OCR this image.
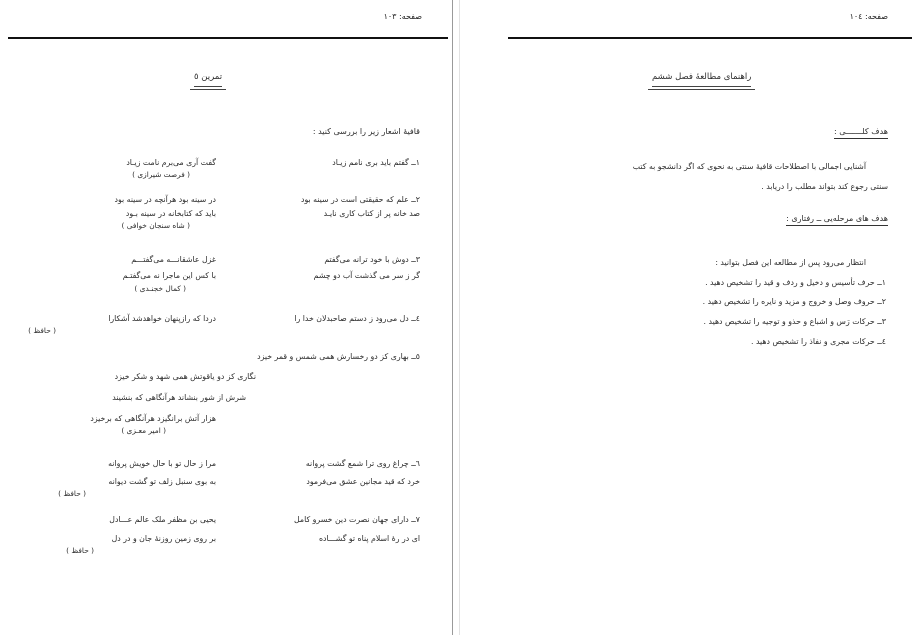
صفحه: ١٠٣
تمرین ٥
قافیهٔ اشعار زیر را بررسی کنید :
١ــ گفتم باید بری نامم زیـاد
گفت آری می‌برم نامت زیـاد
( فرصت شیرازی )
٢ــ علم که حقیقتی است در سینه بود
در سینه بود هرآنچه در سینه بود
صد خانه پر از کتاب کاری نایـد
باید که کتابخانه در سینه بـود
( شاه سنجان خوافی )
٣ــ دوش با خود ترانه می‌گفتم
غزل عاشقانـــه می‌گفتـــم
گر ز سر می گذشت آب دو چشم
با کس این ماجرا نه می‌گفتـم
( کمال خجنـدی )
٤ــ دل می‌رود ز دستم صاحبدلان خدا را
دردا که رازپنهان خواهدشد آشکارا
( حافظ )
٥ــ بهاری کز دو رخسارش همی شمس و قمر خیزد
نگاری کز دو یاقوتش همی شهد و شکر خیزد
شرش از شور بنشاند هرآنگاهی که بنشیند
هزار آتش برانگیزد هرآنگاهی که برخیزد
( امیر معـزی )
٦ــ چراغ روی ترا شمع گشت پروانه
مرا ز حال تو با حال خویش پروانه
خرد که قید مجانین عشق می‌فرمود
به بوی سنبل زلف تو گشت دیوانه
( حافظ )
٧ــ دارای جهان نصرت دین خسرو کامل
یحیی بن مظفر ملک عالم عـــادل
ای در رهٔ اسلام پناه تو گشـــاده
بر روی زمین روزنهٔ جان و در دل
( حافظ )
صفحه: ١٠٤
راهنمای مطالعهٔ فصل ششم
هدف کلـــــــی :
آشنایی اجمالی با اصطلاحات قافیهٔ سنتی به نحوی که اگر دانشجو به کتب
سنتی رجوع کند بتواند مطلب را دریابد .
هدف های مرحله‌یی ــ رفتاری :
انتظار می‌رود پس از مطالعه این فصل بتوانید :
١ــ حرف تأسیس و دخیل و ردف و قید را تشخیص دهید .
٢ــ حروف وصل و خروج و مزید و نایره را تشخیص دهید .
٣ــ حرکات رَس و اشباع و حذو و توجیه را تشخیص دهید .
٤ــ حرکات مجری و نفاذ را تشخیص دهید .
